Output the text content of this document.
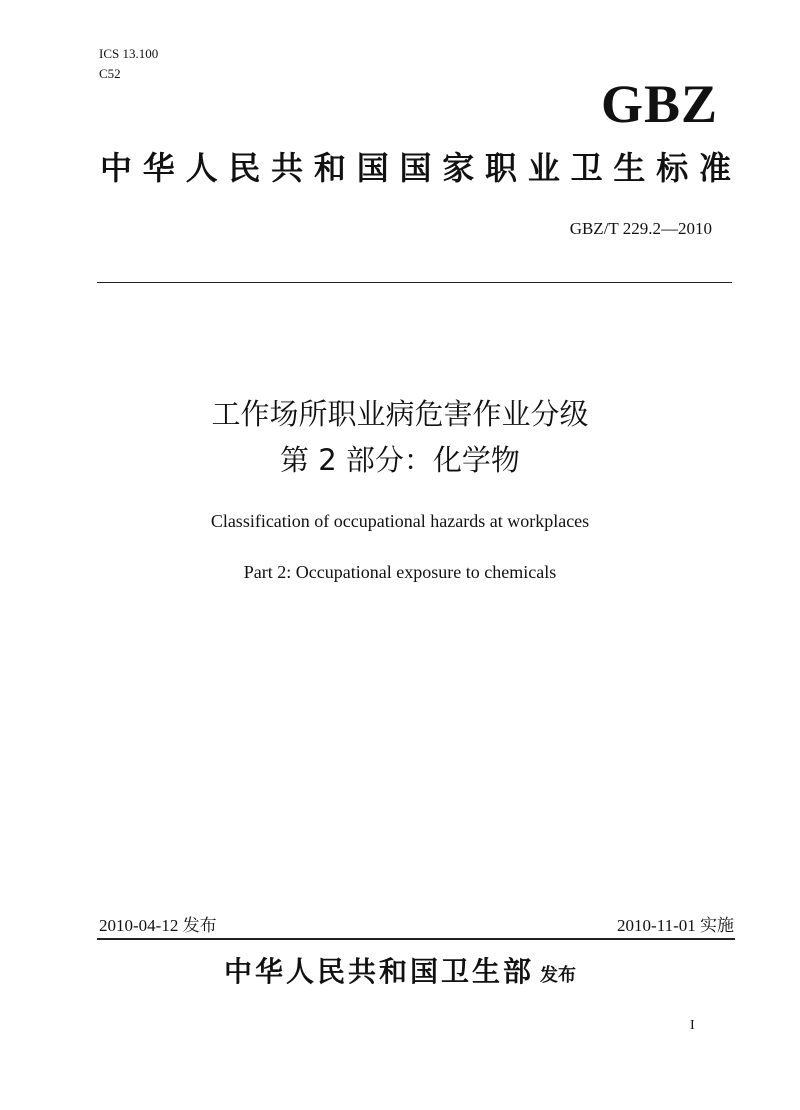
ICS 13.100
C52
GBZ
中华人民共和国国家职业卫生标准
GBZ/T 229.2—2010
工作场所职业病危害作业分级
第 2 部分：化学物
Classification of occupational hazards at workplaces
Part 2: Occupational exposure to chemicals
2010-04-12 发布	2010-11-01 实施
中华人民共和国卫生部 发布
I
